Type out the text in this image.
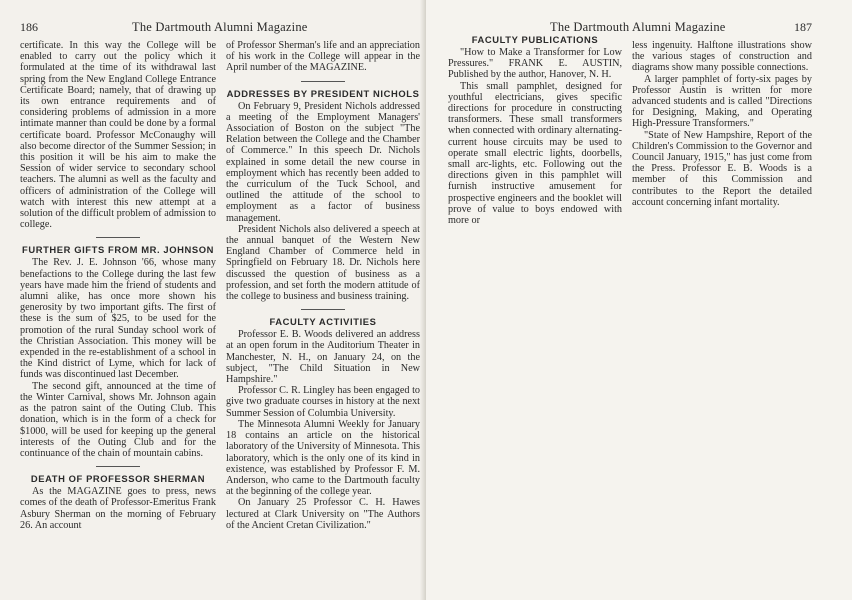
186	The Dartmouth Alumni Magazine

certificate. In this way the College will be enabled to carry out the policy which it formulated at the time of its withdrawal last spring from the New England College Entrance Certificate Board; namely, that of drawing up its own entrance requirements and of considering problems of admission in a more intimate manner than could be done by a formal certificate board. Professor McConaughy will also become director of the Summer Session; in this position it will be his aim to make the Session of wider service to secondary school teachers. The alumni as well as the faculty and officers of administration of the College will watch with interest this new attempt at a solution of the difficult problem of admission to college.

FURTHER GIFTS FROM MR. JOHNSON

The Rev. J. E. Johnson '66, whose many benefactions to the College during the last few years have made him the friend of students and alumni alike, has once more shown his generosity by two important gifts. The first of these is the sum of $25, to be used for the promotion of the rural Sunday school work of the Christian Association. This money will be expended in the re-establishment of a school in the Kind district of Lyme, which for lack of funds was discontinued last December.

The second gift, announced at the time of the Winter Carnival, shows Mr. Johnson again as the patron saint of the Outing Club. This donation, which is in the form of a check for $1000, will be used for keeping up the general interests of the Outing Club and for the continuance of the chain of mountain cabins.

DEATH OF PROFESSOR SHERMAN

As the MAGAZINE goes to press, news comes of the death of Professor-Emeritus Frank Asbury Sherman on the morning of February 26. An account

of Professor Sherman's life and an appreciation of his work in the College will appear in the April number of the MAGAZINE.

ADDRESSES BY PRESIDENT NICHOLS

On February 9, President Nichols addressed a meeting of the Employment Managers' Association of Boston on the subject "The Relation between the College and the Chamber of Commerce." In this speech Dr. Nichols explained in some detail the new course in employment which has recently been added to the curriculum of the Tuck School, and outlined the attitude of the school to employment as a factor of business management.

President Nichols also delivered a speech at the annual banquet of the Western New England Chamber of Commerce held in Springfield on February 18. Dr. Nichols here discussed the question of business as a profession, and set forth the modern attitude of the college to business and business training.

FACULTY ACTIVITIES

Professor E. B. Woods delivered an address at an open forum in the Auditorium Theater in Manchester, N. H., on January 24, on the subject, "The Child Situation in New Hampshire."

Professor C. R. Lingley has been engaged to give two graduate courses in history at the next Summer Session of Columbia University.

The Minnesota Alumni Weekly for January 18 contains an article on the historical laboratory of the University of Minnesota. This laboratory, which is the only one of its kind in existence, was established by Professor F. M. Anderson, who came to the Dartmouth faculty at the beginning of the college year.

On January 25 Professor C. H. Hawes lectured at Clark University on "The Authors of the Ancient Cretan Civilization."

The Dartmouth Alumni Magazine	187
FACULTY PUBLICATIONS

"How to Make a Transformer for Low Pressures." FRANK E. AUSTIN, Published by the author, Hanover, N. H.

This small pamphlet, designed for youthful electricians, gives specific directions for procedure in constructing transformers. These small transformers when connected with ordinary alternating-current house circuits may be used to operate small electric lights, doorbells, small arc-lights, etc. Following out the directions given in this pamphlet will furnish instructive amusement for prospective engineers and the booklet will prove of value to boys endowed with more or

less ingenuity. Halftone illustrations show the various stages of construction and diagrams show many possible connections.

A larger pamphlet of forty-six pages by Professor Austin is written for more advanced students and is called "Directions for Designing, Making, and Operating High-Pressure Transformers."

"State of New Hampshire, Report of the Children's Commission to the Governor and Council January, 1915," has just come from the Press. Professor E. B. Woods is a member of this Commission and contributes to the Report the detailed account concerning infant mortality.
